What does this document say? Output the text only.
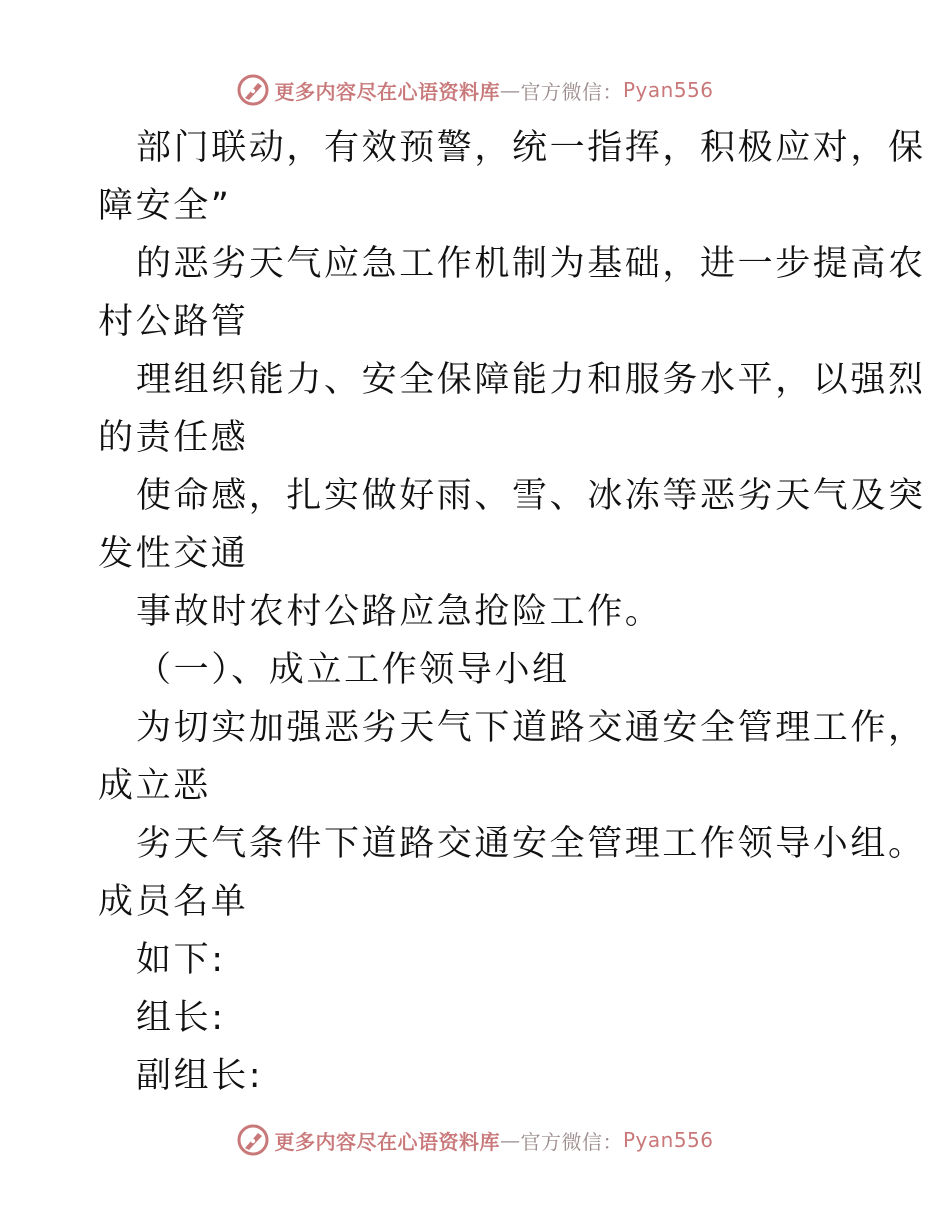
更多内容尽在心语资料库 — 官方微信： Pyan556
部门联动，有效预警，统一指挥，积极应对，保
障安全”
的恶劣天气应急工作机制为基础，进一步提高农
村公路管
理组织能力、安全保障能力和服务水平，以强烈
的责任感
使命感，扎实做好雨、雪、冰冻等恶劣天气及突
发性交通
事故时农村公路应急抢险工作。
（一）、成立工作领导小组
为切实加强恶劣天气下道路交通安全管理工作，
成立恶
劣天气条件下道路交通安全管理工作领导小组。
成员名单
如下:
组长:
副组长:
更多内容尽在心语资料库 — 官方微信： Pyan556
